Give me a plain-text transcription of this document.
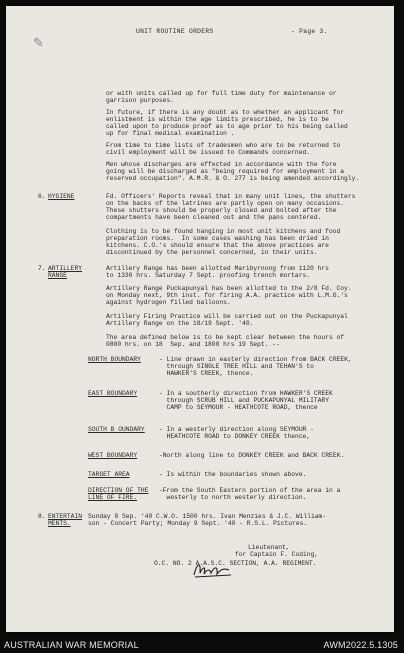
✎
UNIT ROUTINE ORDERS	- Page 3.
or with units called up for full time duty for maintenance or
garrison purposes.
In future, if there is any doubt as to whether an applicant for
enlistment is within the age limits prescribed, he is to be
called upon to produce proof as to age prior to his being called
up for final medical examination .
From time to time lists of tradesmen who are to be returned to
civil employment will be issued to Commands concerned.
Men whose discharges are effected in accordance with the fore
going will be discharged as "being required for employment in a
reserved occupation". A.M.R. & O. 277 is being amended accordingly.
6. HYGIENE	Fd. Officers' Reports reveal that in many unit lines, the shutters
on the backs of the latrines are partly open on many occasions.
These shutters should be properly closed and bolted after the
compartments have been cleaned out and the pans centered.
Clothing is to be found hanging in most unit kitchens and food
preparation rooms.  In some cases washing has been dried in
kitchens. C.O.'s should ensure that the above practices are
discontinued by the personnel concerned, in their units.
7. ARTILLERY
RANGE
Artillery Range has been allotted Maribyrnong from 1120 hrs
to 1330 hrs. Saturday 7 Sept. proofing trench mortars.
Artillery Range Puckapunyal has been allotted to the 2/8 Fd. Coy.
on Monday next, 9th inst. for firing A.A. practice with L.M.G.'s
against hydrogen filled balloons.
Artillery Firing Practice will be carried out on the Puckapunyal
Artillery Range on the 18/19 Sept. '40.
The area defined below is to be kept clear between the hours of
0800 hrs. on 18  Sep. and 1800 hrs 19 Sept. --
NORTH BOUNDARY	- Line drawn in easterly direction from BACK CREEK,
through SINGLE TREE HILL and TEHAN'S to
HAWKER'S CREEK, thence.
EAST BOUNDARY	- In a southerly direction from HAWKER'S CREEK
through SCRUB HILL and PUCKAPUNYAL MILITARY
CAMP to SEYMOUR - HEATHCOTE ROAD, thence
SOUTH B OUNDARY - In a westerly direction along SEYMOUR -
HEATHCOTE ROAD to DONKEY CREEK thence,
WEST BOUNDARY	-North along line to DONKEY CREEK and BACK CREEK.
TARGET AREA	- Is within the boundaries shown above.
DIRECTION OF THE
LINE OF FIRE.
-From the South Eastern portion of the area in a
westerly to north westerly direction.
8. ENTERTAIN
MENTS.
Sunday 8 Sep. '40 C.W.O. 1500 hrs. Ivan Menzies & J.C. William-
son - Concert Party; Monday 9 Sept. '40 - R.S.L. Pictures.
Lieutenant,
for Captain F. Coding,
O.C. NO. 2 A.A.S.C. SECTION, A.A. REGIMENT.
AUSTRALIAN WAR MEMORIAL	AWM2022.5.1305
